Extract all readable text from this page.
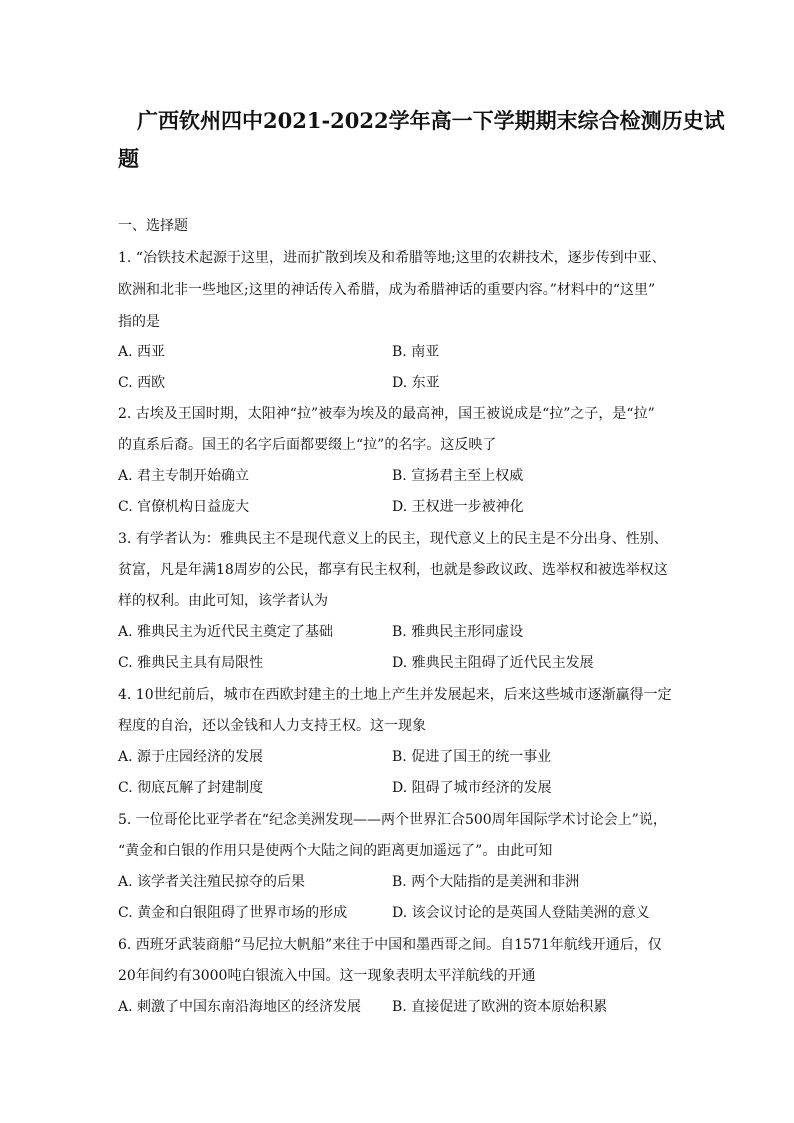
广西钦州四中2021-2022学年高一下学期期末综合检测历史试
题
一、选择题
1. “冶铁技术起源于这里，进而扩散到埃及和希腊等地;这里的农耕技术，逐步传到中亚、
欧洲和北非一些地区;这里的神话传入希腊，成为希腊神话的重要内容。”材料中的“这里”
指的是
A. 西亚	B. 南亚
C. 西欧	D. 东亚
2. 古埃及王国时期，太阳神“拉”被奉为埃及的最高神，国王被说成是“拉”之子，是“拉”
的直系后裔。国王的名字后面都要缀上“拉”的名字。这反映了
A. 君主专制开始确立	B. 宣扬君主至上权威
C. 官僚机构日益庞大	D. 王权进一步被神化
3. 有学者认为：雅典民主不是现代意义上的民主，现代意义上的民主是不分出身、性别、
贫富，凡是年满18周岁的公民，都享有民主权利，也就是参政议政、选举权和被选举权这
样的权利。由此可知，该学者认为
A. 雅典民主为近代民主奠定了基础	B. 雅典民主形同虚设
C. 雅典民主具有局限性	D. 雅典民主阻碍了近代民主发展
4. 10世纪前后，城市在西欧封建主的土地上产生并发展起来，后来这些城市逐渐赢得一定
程度的自治，还以金钱和人力支持王权。这一现象
A. 源于庄园经济的发展	B. 促进了国王的统一事业
C. 彻底瓦解了封建制度	D. 阻碍了城市经济的发展
5. 一位哥伦比亚学者在“纪念美洲发现——两个世界汇合500周年国际学术讨论会上”说，
“黄金和白银的作用只是使两个大陆之间的距离更加遥远了”。由此可知
A. 该学者关注殖民掠夺的后果	B. 两个大陆指的是美洲和非洲
C. 黄金和白银阻碍了世界市场的形成	D. 该会议讨论的是英国人登陆美洲的意义
6. 西班牙武装商船“马尼拉大帆船”来往于中国和墨西哥之间。自1571年航线开通后，仅
20年间约有3000吨白银流入中国。这一现象表明太平洋航线的开通
A. 刺激了中国东南沿海地区的经济发展 B. 直接促进了欧洲的资本原始积累
